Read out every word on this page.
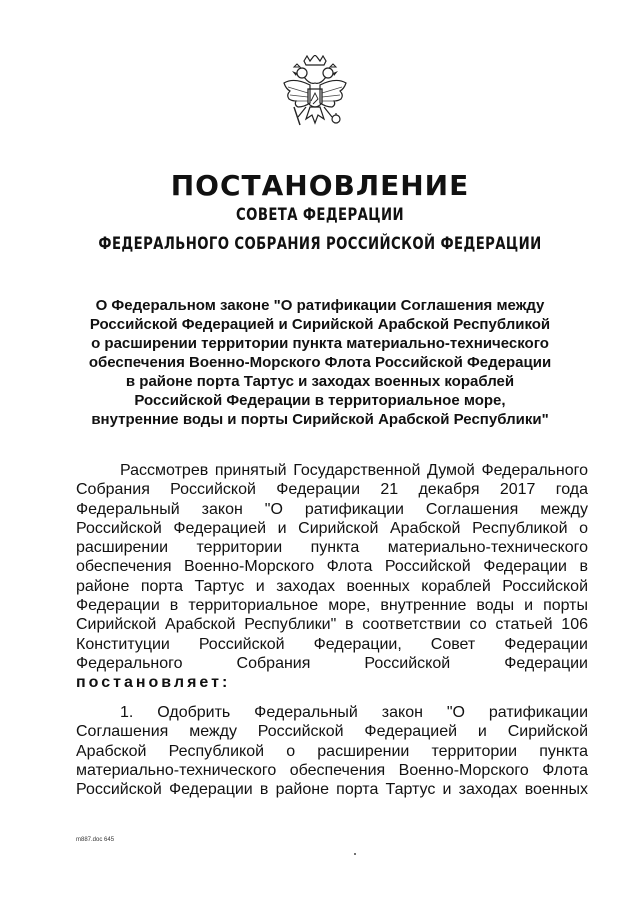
ПОСТАНОВЛЕНИЕ
СОВЕТА ФЕДЕРАЦИИ
ФЕДЕРАЛЬНОГО СОБРАНИЯ РОССИЙСКОЙ ФЕДЕРАЦИИ
О Федеральном законе "О ратификации Соглашения между
Российской Федерацией и Сирийской Арабской Республикой
о расширении территории пункта материально-технического
обеспечения Военно-Морского Флота Российской Федерации
в районе порта Тартус и заходах военных кораблей
Российской Федерации в территориальное море,
внутренние воды и порты Сирийской Арабской Республики"
Рассмотрев принятый Государственной Думой Федерального
Собрания Российской Федерации 21 декабря 2017 года
Федеральный закон "О ратификации Соглашения между
Российской Федерацией и Сирийской Арабской Республикой о
расширении территории пункта материально-технического
обеспечения Военно-Морского Флота Российской Федерации в
районе порта Тартус и заходах военных кораблей Российской
Федерации в территориальное море, внутренние воды и порты
Сирийской Арабской Республики" в соответствии со статьей 106
Конституции Российской Федерации, Совет Федерации
Федерального Собрания Российской Федерации
постановляет:
1. Одобрить Федеральный закон "О ратификации
Соглашения между Российской Федерацией и Сирийской
Арабской Республикой о расширении территории пункта
материально-технического обеспечения Военно-Морского Флота
Российской Федерации в районе порта Тартус и заходах военных
m887.doc 645
